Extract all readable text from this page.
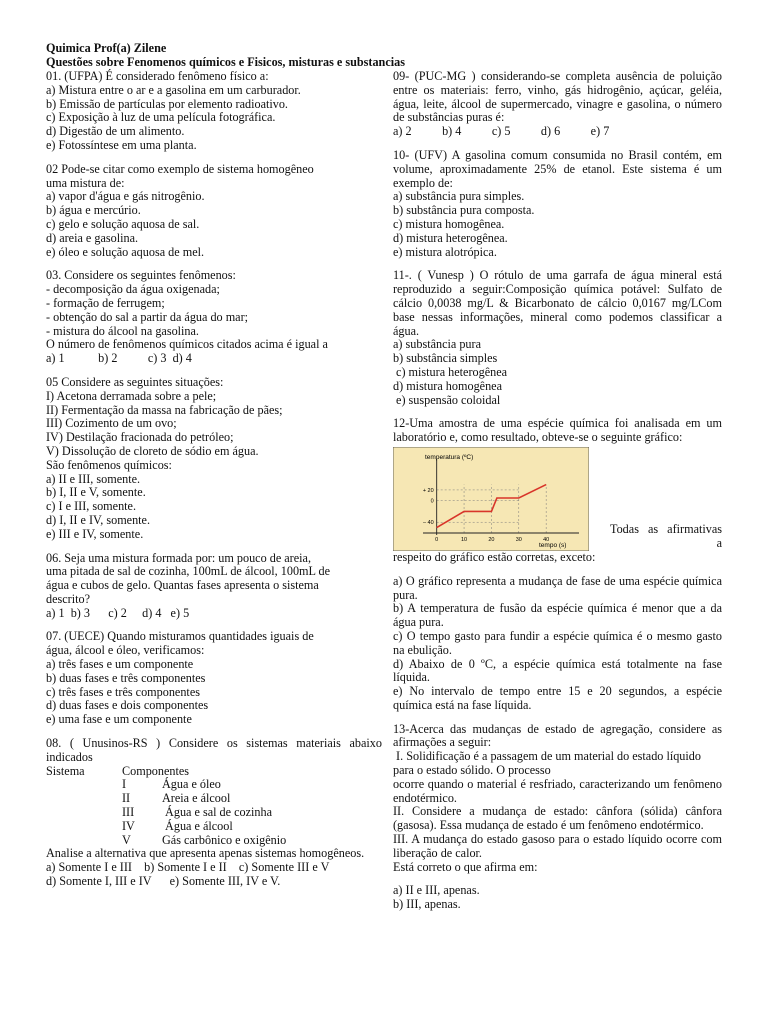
Quimica Prof(a) Zilene
Questões sobre Fenomenos químicos e Fisicos, misturas e substancias

01. (UFPA) É considerado fenômeno físico a:

a) Mistura entre o ar e a gasolina em um carburador.

b) Emissão de partículas por elemento radioativo.

c) Exposição à luz de uma película fotográfica.

d) Digestão de um alimento.

e) Fotossíntese em uma planta.

02 Pode-se citar como exemplo de sistema homogêneo

uma mistura de:

a) vapor d'água e gás nitrogênio.

b) água e mercúrio.

c) gelo e solução aquosa de sal.

d) areia e gasolina.

e) óleo e solução aquosa de mel.

03. Considere os seguintes fenômenos:

- decomposição da água oxigenada;

- formação de ferrugem;

- obtenção do sal a partir da água do mar;

- mistura do álcool na gasolina.

O número de fenômenos químicos citados acima é igual a

a) 1           b) 2          c) 3  d) 4

05 Considere as seguintes situações:

I) Acetona derramada sobre a pele;

II) Fermentação da massa na fabricação de pães;

III) Cozimento de um ovo;

IV) Destilação fracionada do petróleo;

V) Dissolução de cloreto de sódio em água.

São fenômenos químicos:

a) II e III, somente.

b) I, II e V, somente.

c) I e III, somente.

d) I, II e IV, somente.

e) III e IV, somente.

06. Seja uma mistura formada por: um pouco de areia,

uma pitada de sal de cozinha, 100mL de álcool, 100mL de

água e cubos de gelo. Quantas fases apresenta o sistema

descrito?

a) 1  b) 3      c) 2     d) 4   e) 5

07. (UECE) Quando misturamos quantidades iguais de

água, álcool e óleo, verificamos:

a) três fases e um componente

b) duas fases e três componentes

c) três fases e três componentes

d) duas fases e dois componentes

e) uma fase e um componente

08. ( Unusinos-RS ) Considere os sistemas materiais abaixo indicados

Sistema	Componentes
I	Água e óleo
II	Areia e álcool
III	Água e sal de cozinha
IV	Água e álcool
V	Gás carbônico e oxigênio

Analise a alternativa que apresenta apenas sistemas homogêneos.

a) Somente I e III    b) Somente I e II    c) Somente III e V

d) Somente I, III e IV      e) Somente III, IV e V.

09- (PUC-MG ) considerando-se completa ausência de poluição entre os materiais: ferro, vinho, gás hidrogênio, açúcar, geléia, água, leite, álcool de supermercado, vinagre e gasolina, o número de substâncias puras é:

a) 2          b) 4          c) 5          d) 6          e) 7

10- (UFV) A gasolina comum consumida no Brasil contém, em volume, aproximadamente 25% de etanol. Este sistema é um exemplo de:

a) substância pura simples.

b) substância pura composta.

c) mistura homogênea.

d) mistura heterogênea.

e) mistura alotrópica.

11-. ( Vunesp ) O rótulo de uma garrafa de água mineral está reproduzido a seguir:Composição química potável: Sulfato de cálcio 0,0038 mg/L & Bicarbonato de cálcio 0,0167 mg/LCom base nessas informações, mineral como podemos classificar a água.

a) substância pura

b) substância simples

c) mistura heterogênea

d) mistura homogênea

e) suspensão coloidal

12-Uma amostra de uma espécie química foi analisada em um laboratório e, como resultado, obteve-se o seguinte gráfico:

+ 20
0
– 40
0	10	20	30	40
temperatura (ºC)
tempo (s)
Todas as afirmativas a

respeito do gráfico estão corretas, exceto:

a) O gráfico representa a mudança de fase de uma espécie química pura.

b) A temperatura de fusão da espécie química é menor que a da água pura.

c) O tempo gasto para fundir a espécie química é o mesmo gasto na ebulição.

d) Abaixo de 0 ºC, a espécie química está totalmente na fase líquida.

e) No intervalo de tempo entre 15 e 20 segundos, a espécie química está na fase líquida.

13-Acerca das mudanças de estado de agregação, considere as afirmações a seguir:

I. Solidificação é a passagem de um material do estado líquido para o estado sólido. O processo

ocorre quando o material é resfriado, caracterizando um fenômeno endotérmico.

II. Considere a mudança de estado: cânfora (sólida) cânfora (gasosa). Essa mudança de estado é um fenômeno endotérmico.

III. A mudança do estado gasoso para o estado líquido ocorre com liberação de calor.

Está correto o que afirma em:

a) II e III, apenas.

b) III, apenas.
